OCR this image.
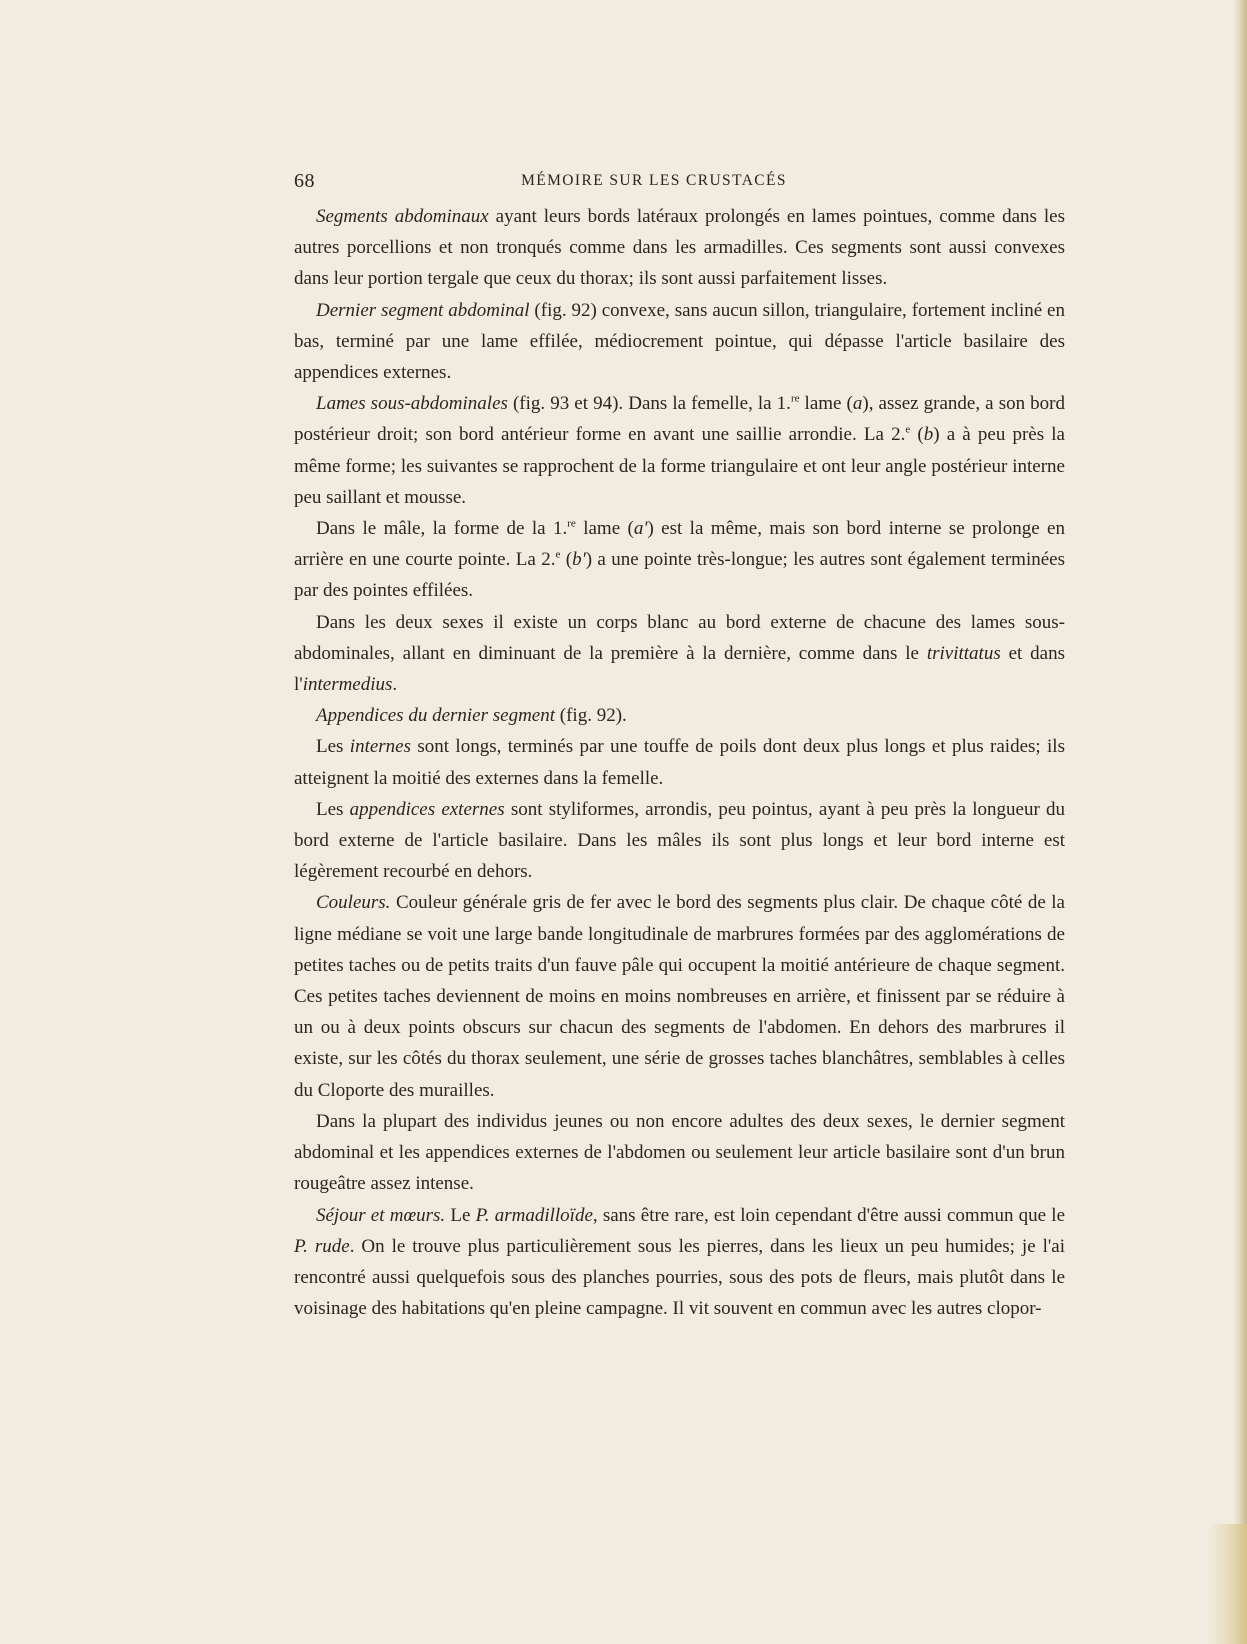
68	MÉMOIRE SUR LES CRUSTACÉS

Segments abdominaux ayant leurs bords latéraux prolongés en lames pointues, comme dans les autres porcellions et non tronqués comme dans les armadilles. Ces segments sont aussi convexes dans leur portion tergale que ceux du thorax; ils sont aussi parfaitement lisses.

Dernier segment abdominal (fig. 92) convexe, sans aucun sillon, triangulaire, fortement incliné en bas, terminé par une lame effilée, médiocrement pointue, qui dépasse l'article basilaire des appendices externes.

Lames sous-abdominales (fig. 93 et 94). Dans la femelle, la 1.$^{re}$ lame (a), assez grande, a son bord postérieur droit; son bord antérieur forme en avant une saillie arrondie. La 2.$^e$ (b) a à peu près la même forme; les suivantes se rapprochent de la forme triangulaire et ont leur angle postérieur interne peu saillant et mousse.

Dans le mâle, la forme de la 1.$^{re}$ lame (a') est la même, mais son bord interne se prolonge en arrière en une courte pointe. La 2.$^e$ (b') a une pointe très-longue; les autres sont également terminées par des pointes effilées.

Dans les deux sexes il existe un corps blanc au bord externe de chacune des lames sous-abdominales, allant en diminuant de la première à la dernière, comme dans le trivittatus et dans l'intermedius.

Appendices du dernier segment (fig. 92).

Les internes sont longs, terminés par une touffe de poils dont deux plus longs et plus raides; ils atteignent la moitié des externes dans la femelle.

Les appendices externes sont styliformes, arrondis, peu pointus, ayant à peu près la longueur du bord externe de l'article basilaire. Dans les mâles ils sont plus longs et leur bord interne est légèrement recourbé en dehors.

Couleurs. Couleur générale gris de fer avec le bord des segments plus clair. De chaque côté de la ligne médiane se voit une large bande longitudinale de marbrures formées par des agglomérations de petites taches ou de petits traits d'un fauve pâle qui occupent la moitié antérieure de chaque segment. Ces petites taches deviennent de moins en moins nombreuses en arrière, et finissent par se réduire à un ou à deux points obscurs sur chacun des segments de l'abdomen. En dehors des marbrures il existe, sur les côtés du thorax seulement, une série de grosses taches blanchâtres, semblables à celles du Cloporte des murailles.

Dans la plupart des individus jeunes ou non encore adultes des deux sexes, le dernier segment abdominal et les appendices externes de l'abdomen ou seulement leur article basilaire sont d'un brun rougeâtre assez intense.

Séjour et mœurs. Le P. armadilloïde, sans être rare, est loin cependant d'être aussi commun que le P. rude. On le trouve plus particulièrement sous les pierres, dans les lieux un peu humides; je l'ai rencontré aussi quelquefois sous des planches pourries, sous des pots de fleurs, mais plutôt dans le voisinage des habitations qu'en pleine campagne. Il vit souvent en commun avec les autres clopor-
